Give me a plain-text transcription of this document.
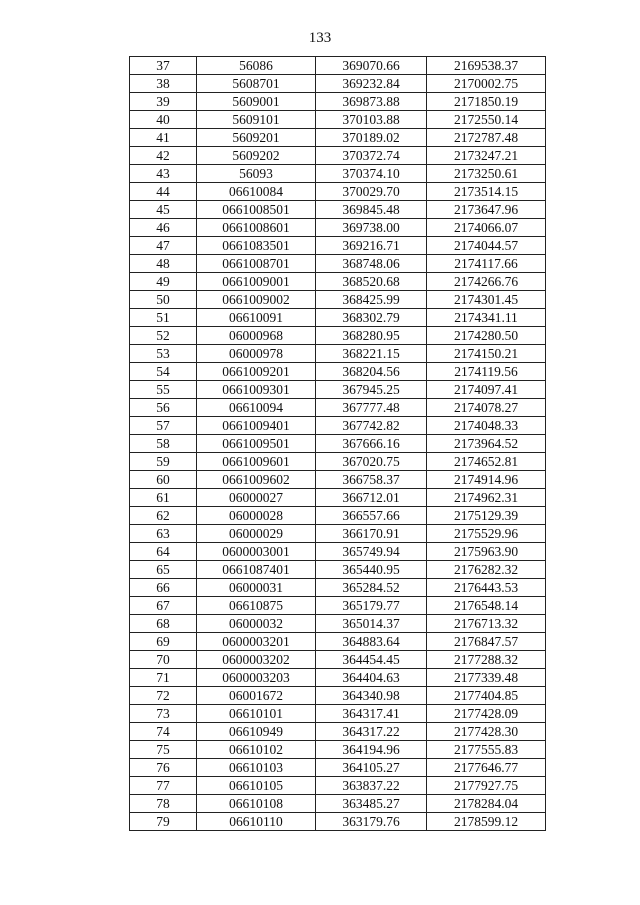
133
37	56086	369070.66	2169538.37
38	5608701	369232.84	2170002.75
39	5609001	369873.88	2171850.19
40	5609101	370103.88	2172550.14
41	5609201	370189.02	2172787.48
42	5609202	370372.74	2173247.21
43	56093	370374.10	2173250.61
44	06610084	370029.70	2173514.15
45	0661008501	369845.48	2173647.96
46	0661008601	369738.00	2174066.07
47	0661083501	369216.71	2174044.57
48	0661008701	368748.06	2174117.66
49	0661009001	368520.68	2174266.76
50	0661009002	368425.99	2174301.45
51	06610091	368302.79	2174341.11
52	06000968	368280.95	2174280.50
53	06000978	368221.15	2174150.21
54	0661009201	368204.56	2174119.56
55	0661009301	367945.25	2174097.41
56	06610094	367777.48	2174078.27
57	0661009401	367742.82	2174048.33
58	0661009501	367666.16	2173964.52
59	0661009601	367020.75	2174652.81
60	0661009602	366758.37	2174914.96
61	06000027	366712.01	2174962.31
62	06000028	366557.66	2175129.39
63	06000029	366170.91	2175529.96
64	0600003001	365749.94	2175963.90
65	0661087401	365440.95	2176282.32
66	06000031	365284.52	2176443.53
67	06610875	365179.77	2176548.14
68	06000032	365014.37	2176713.32
69	0600003201	364883.64	2176847.57
70	0600003202	364454.45	2177288.32
71	0600003203	364404.63	2177339.48
72	06001672	364340.98	2177404.85
73	06610101	364317.41	2177428.09
74	06610949	364317.22	2177428.30
75	06610102	364194.96	2177555.83
76	06610103	364105.27	2177646.77
77	06610105	363837.22	2177927.75
78	06610108	363485.27	2178284.04
79	06610110	363179.76	2178599.12
